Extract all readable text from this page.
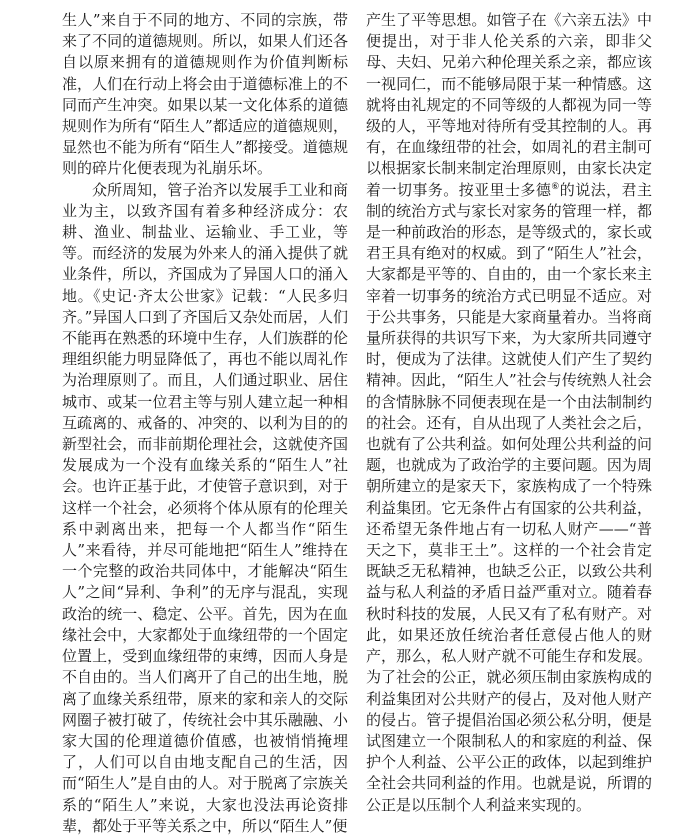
生人”来自于不同的地方、不同的宗族，带来了不同的道德规则。所以，如果人们还各自以原来拥有的道德规则作为价值判断标准，人们在行动上将会由于道德标准上的不同而产生冲突。如果以某一文化体系的道德规则作为所有“陌生人”都适应的道德规则，显然也不能为所有“陌生人”都接受。道德规则的碎片化便表现为礼崩乐坏。

众所周知，管子治齐以发展手工业和商业为主，以致齐国有着多种经济成分：农耕、渔业、制盐业、运输业、手工业，等等。而经济的发展为外来人的涌入提供了就业条件，所以，齐国成为了异国人口的涌入地。《史记·齐太公世家》记载：“人民多归齐。”异国人口到了齐国后又杂处而居，人们不能再在熟悉的环境中生存，人们族群的伦理组织能力明显降低了，再也不能以周礼作为治理原则了。而且，人们通过职业、居住城市、或某一位君主等与别人建立起一种相互疏离的、戒备的、冲突的、以利为目的的新型社会，而非前期伦理社会，这就使齐国发展成为一个没有血缘关系的“陌生人”社会。也许正基于此，才使管子意识到，对于这样一个社会，必须将个体从原有的伦理关系中剥离出来，把每一个人都当作“陌生人”来看待，并尽可能地把“陌生人”维持在一个完整的政治共同体中，才能解决“陌生人”之间“异利、争利”的无序与混乱，实现政治的统一、稳定、公平。首先，因为在血缘社会中，大家都处于血缘纽带的一个固定位置上，受到血缘纽带的束缚，因而人身是不自由的。当人们离开了自己的出生地，脱离了血缘关系纽带，原来的家和亲人的交际网圈子被打破了，传统社会中其乐融融、小家大国的伦理道德价值感，也被悄悄掩埋了，人们可以自由地支配自己的生活，因而“陌生人”是自由的人。对于脱离了宗族关系的“陌生人”来说，大家也没法再论资排辈，都处于平等关系之中，所以“陌生人”便

产生了平等思想。如管子在《六亲五法》中便提出，对于非人伦关系的六亲，即非父母、夫妇、兄弟六种伦理关系之亲，都应该一视同仁，而不能够局限于某一种情感。这就将由礼规定的不同等级的人都视为同一等级的人，平等地对待所有受其控制的人。再有，在血缘纽带的社会，如周礼的君主制可以根据家长制来制定治理原则，由家长决定着一切事务。按亚里士多德⑥的说法，君主制的统治方式与家长对家务的管理一样，都是一种前政治的形态，是等级式的，家长或君王具有绝对的权威。到了“陌生人”社会，大家都是平等的、自由的，由一个家长来主宰着一切事务的统治方式已明显不适应。对于公共事务，只能是大家商量着办。当将商量所获得的共识写下来，为大家所共同遵守时，便成为了法律。这就使人们产生了契约精神。因此，“陌生人”社会与传统熟人社会的含情脉脉不同便表现在是一个由法制制约的社会。还有，自从出现了人类社会之后，也就有了公共利益。如何处理公共利益的问题，也就成为了政治学的主要问题。因为周朝所建立的是家天下，家族构成了一个特殊利益集团。它无条件占有国家的公共利益，还希望无条件地占有一切私人财产——“普天之下，莫非王土”。这样的一个社会肯定既缺乏无私精神，也缺乏公正，以致公共利益与私人利益的矛盾日益严重对立。随着春秋时科技的发展，人民又有了私有财产。对此，如果还放任统治者任意侵占他人的财产，那么，私人财产就不可能生存和发展。为了社会的公正，就必须压制由家族构成的利益集团对公共财产的侵占，及对他人财产的侵占。管子提倡治国必须公私分明，便是试图建立一个限制私人的和家庭的利益、保护个人利益、公平公正的政体，以起到维护全社会共同利益的作用。也就是说，所谓的公正是以压制个人利益来实现的。
